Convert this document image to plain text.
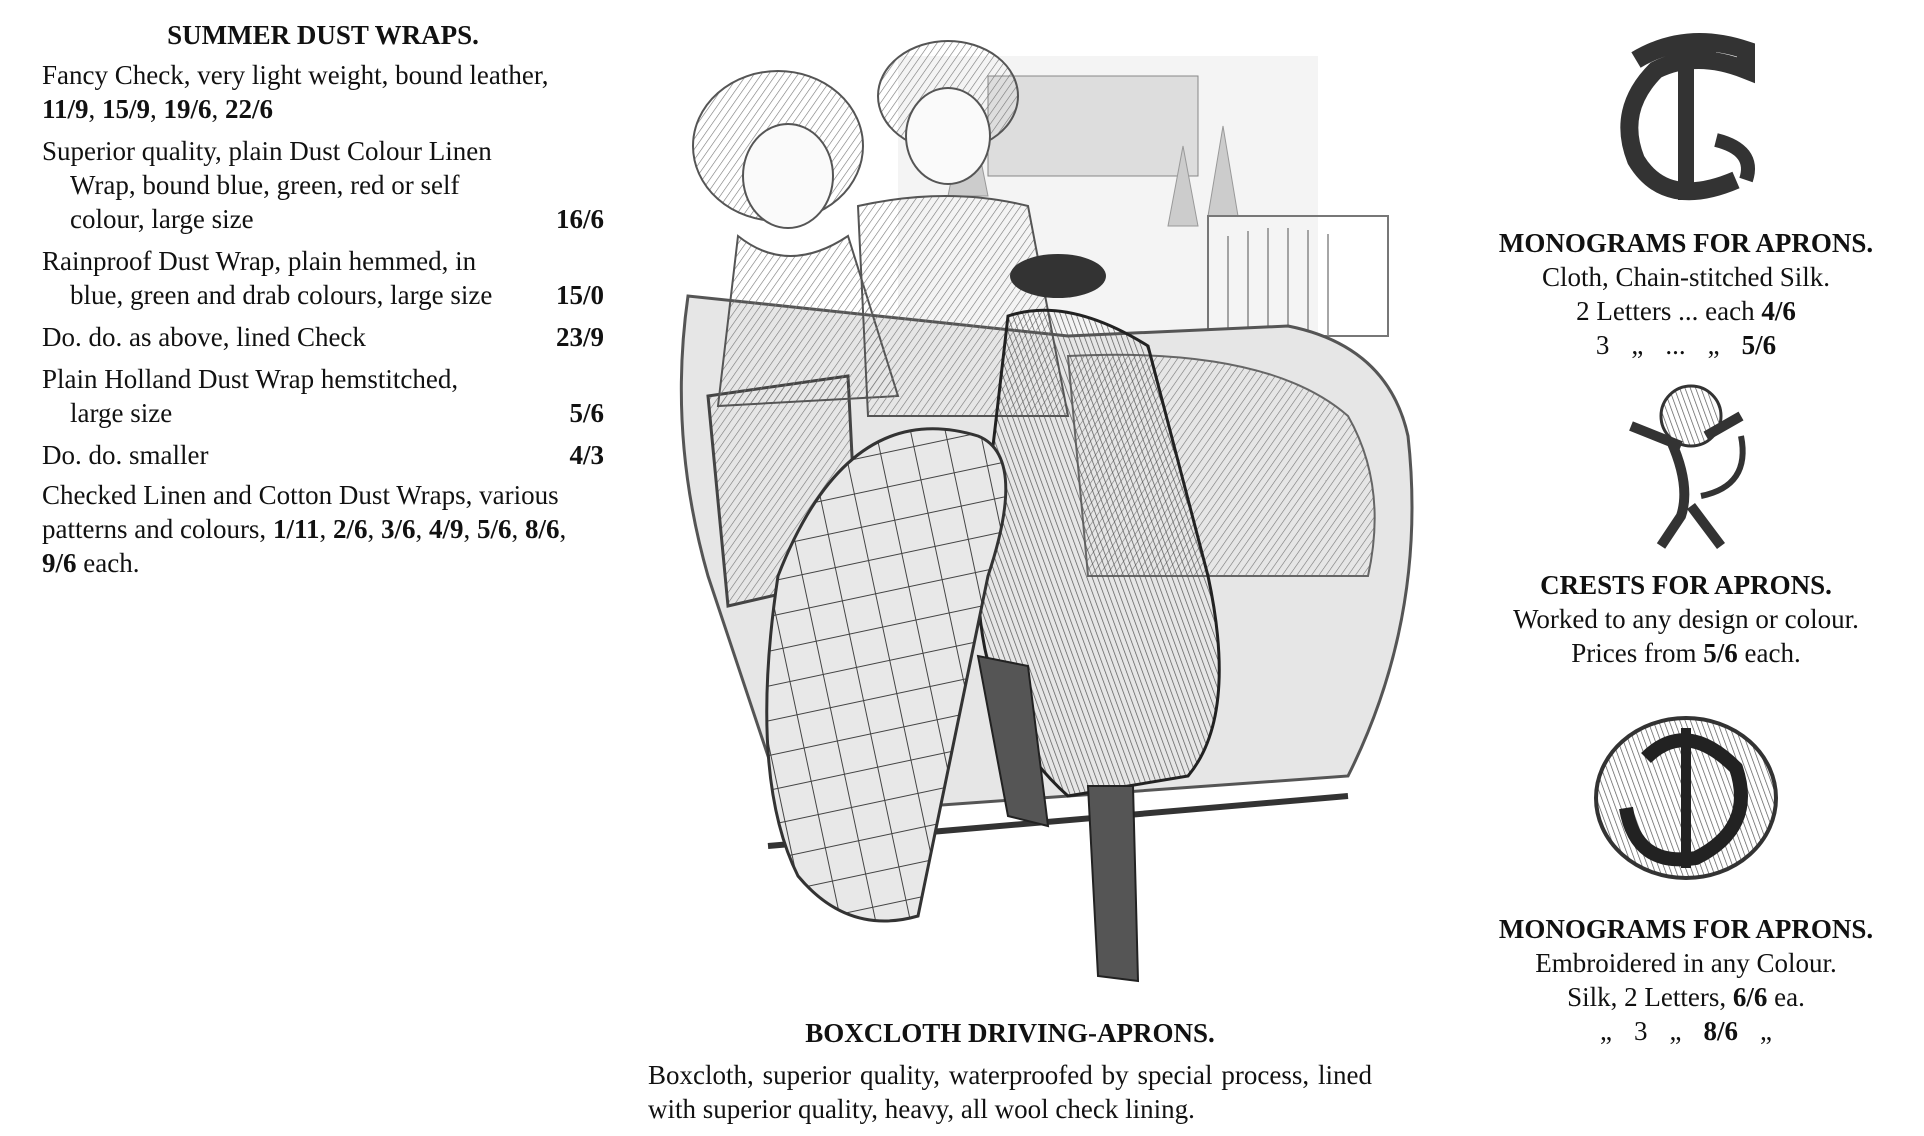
SUMMER DUST WRAPS.
Fancy Check, very light weight, bound leather,
11/9, 15/9, 19/6, 22/6
Superior quality, plain Dust Colour Linen
Wrap, bound blue, green, red or self
colour, large size	16/6
Rainproof Dust Wrap, plain hemmed, in
blue, green and drab colours, large size	15/0
Do. do. as above, lined Check	23/9
Plain Holland Dust Wrap hemstitched,
large size	5/6
Do. do. smaller	4/3
Checked Linen and Cotton Dust Wraps, various
patterns and colours, 1/11, 2/6, 3/6, 4/9, 5/6, 8/6,
9/6 each.
BOXCLOTH DRIVING-APRONS.
Boxcloth, superior quality, waterproofed by special process, lined with superior quality, heavy, all wool check lining.
MONOGRAMS FOR APRONS.
Cloth, Chain-stitched Silk.
2 Letters ... each 4/6
3 „ ... „ 5/6
CRESTS FOR APRONS.
Worked to any design or colour.
Prices from 5/6 each.
MONOGRAMS FOR APRONS.
Embroidered in any Colour.
Silk, 2 Letters, 6/6 ea.
„ 3 „ 8/6 „
